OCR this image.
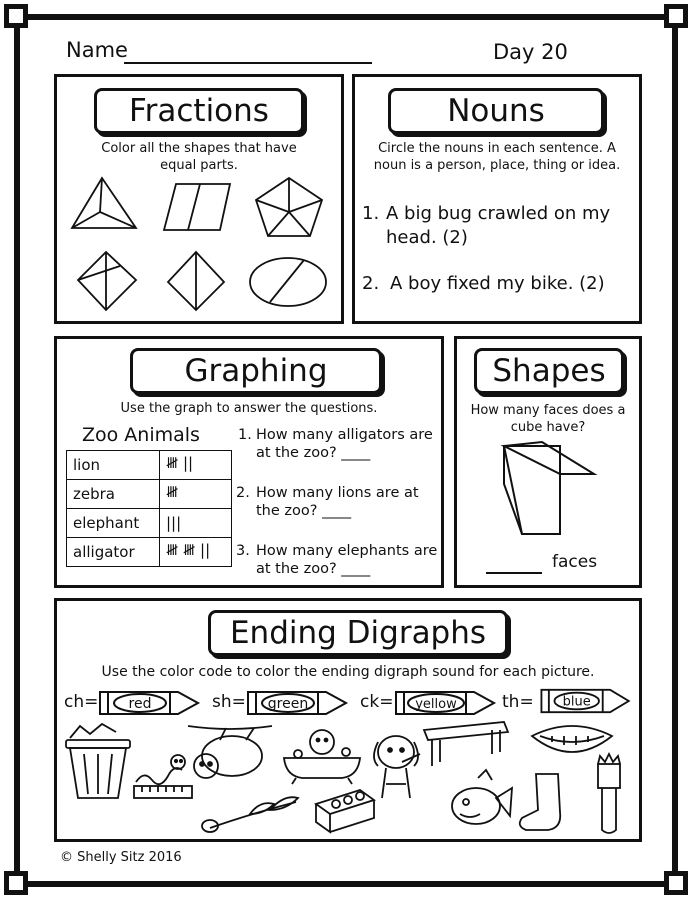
Name	Day 20
Fractions
Color all the shapes that have equal parts.
Nouns
Circle the nouns in each sentence. A noun is a person, place, thing or idea.
1. A big bug crawled on my head. (2)
2. A boy fixed my bike. (2)
Graphing
Use the graph to answer the questions.
Zoo Animals
lion	𝍸 ||
zebra	𝍸
elephant	|||
alligator	𝍸 𝍸 ||
1. How many alligators are at the zoo? ____
2. How many lions are at the zoo? ____
3. How many elephants are at the zoo? ____
Shapes
How many faces does a cube have?
faces
Ending Digraphs
Use the color code to color the ending digraph sound for each picture.
ch= red	sh= green	ck= yellow	th= blue
© Shelly Sitz 2016
